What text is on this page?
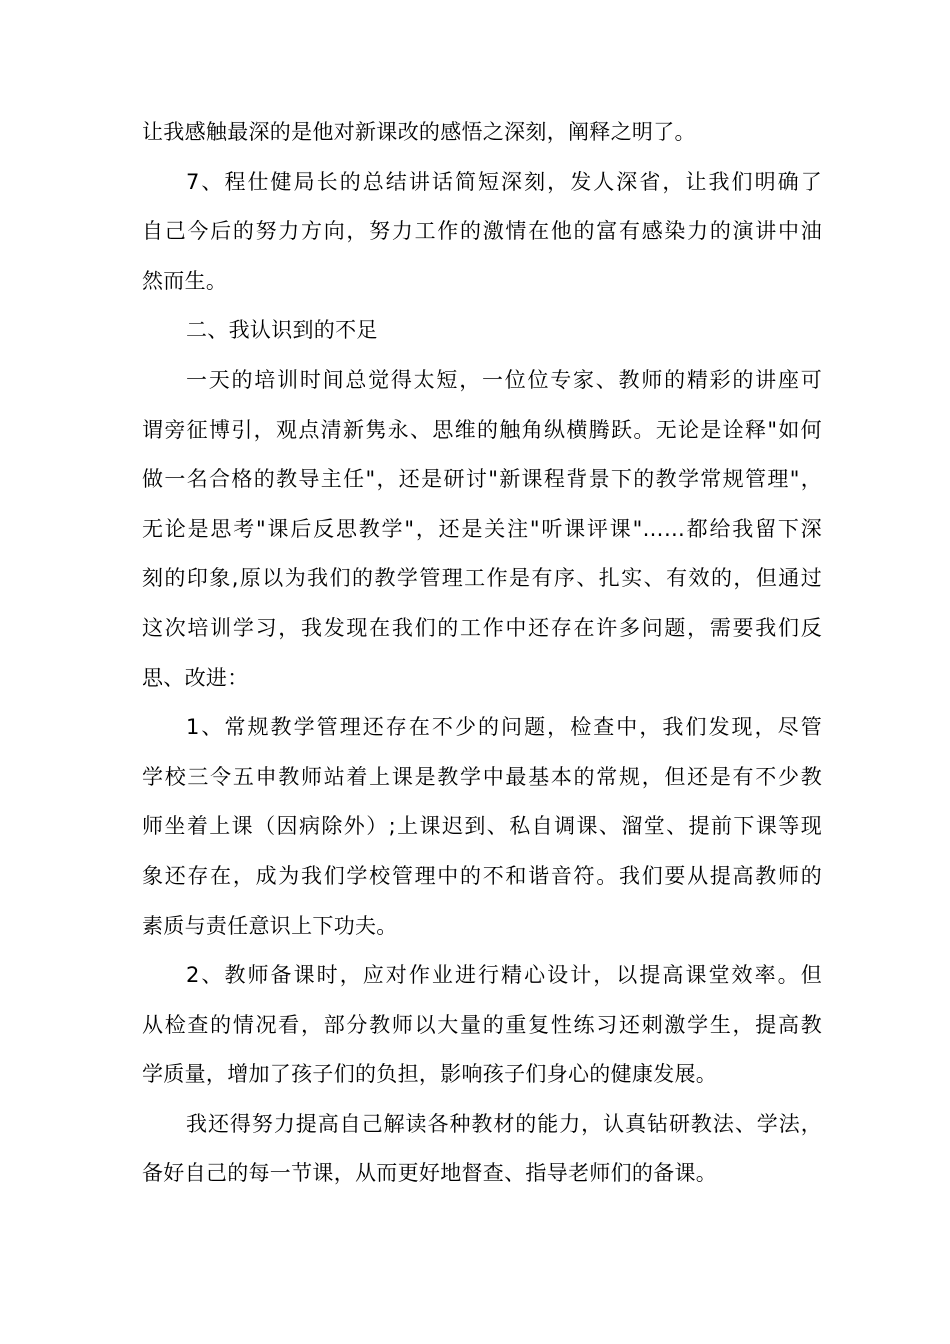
让我感触最深的是他对新课改的感悟之深刻，阐释之明了。
7、程仕健局长的总结讲话简短深刻，发人深省，让我们明确了
自己今后的努力方向，努力工作的激情在他的富有感染力的演讲中油
然而生。
二、我认识到的不足
一天的培训时间总觉得太短，一位位专家、教师的精彩的讲座可
谓旁征博引，观点清新隽永、思维的触角纵横腾跃。无论是诠释"如何
做一名合格的教导主任"，还是研讨"新课程背景下的教学常规管理"，
无论是思考"课后反思教学"，还是关注"听课评课"……都给我留下深
刻的印象,原以为我们的教学管理工作是有序、扎实、有效的，但通过
这次培训学习，我发现在我们的工作中还存在许多问题，需要我们反
思、改进：
1、常规教学管理还存在不少的问题，检查中，我们发现，尽管
学校三令五申教师站着上课是教学中最基本的常规，但还是有不少教
师坐着上课（因病除外）;上课迟到、私自调课、溜堂、提前下课等现
象还存在，成为我们学校管理中的不和谐音符。我们要从提高教师的
素质与责任意识上下功夫。
2、教师备课时，应对作业进行精心设计，以提高课堂效率。但
从检查的情况看，部分教师以大量的重复性练习还刺激学生，提高教
学质量，增加了孩子们的负担，影响孩子们身心的健康发展。
我还得努力提高自己解读各种教材的能力，认真钻研教法、学法，
备好自己的每一节课，从而更好地督查、指导老师们的备课。
